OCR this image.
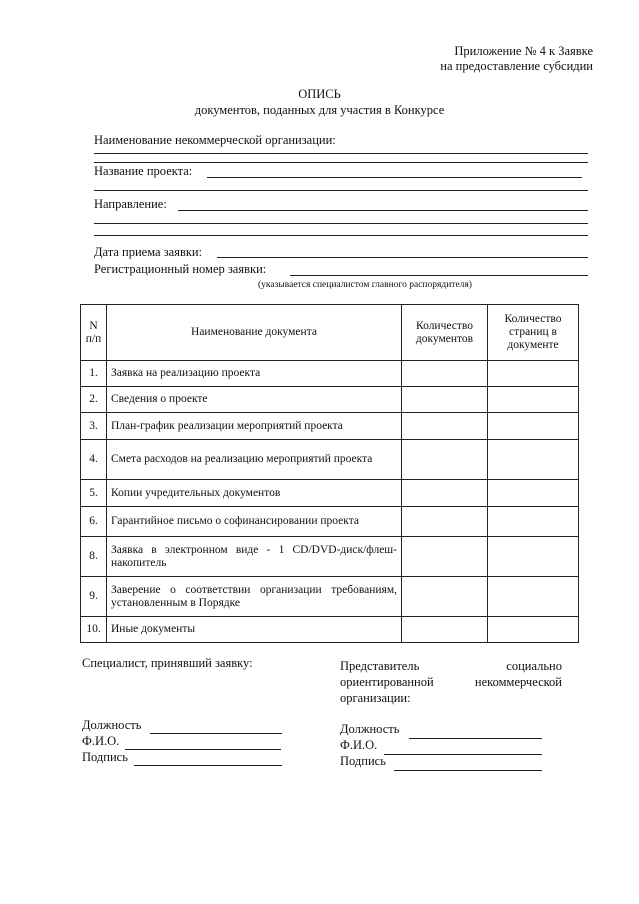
Приложение № 4 к Заявке
на предоставление субсидии
ОПИСЬ
документов, поданных для участия в Конкурсе
Наименование некоммерческой организации:
Название проекта:
Направление:
Дата приема заявки:
Регистрационный номер заявки:
(указывается специалистом главного распорядителя)
N п/п	Наименование документа	Количество документов	Количество страниц в документе
1.	Заявка на реализацию проекта		
2.	Сведения о проекте		
3.	План-график реализации мероприятий проекта		
4.	Смета расходов на реализацию мероприятий проекта		
5.	Копии учредительных документов		
6.	Гарантийное письмо о софинансировании проекта		
8.	Заявка в электронном виде - 1 CD/DVD-диск/флеш-накопитель		
9.	Заверение о соответствии организации требованиям, установленным в Порядке		
10.	Иные документы		
Специалист, принявший заявку:
Должность
Ф.И.О.
Подпись
Представитель социально ориентированной некоммерческой организации:
Должность
Ф.И.О.
Подпись
